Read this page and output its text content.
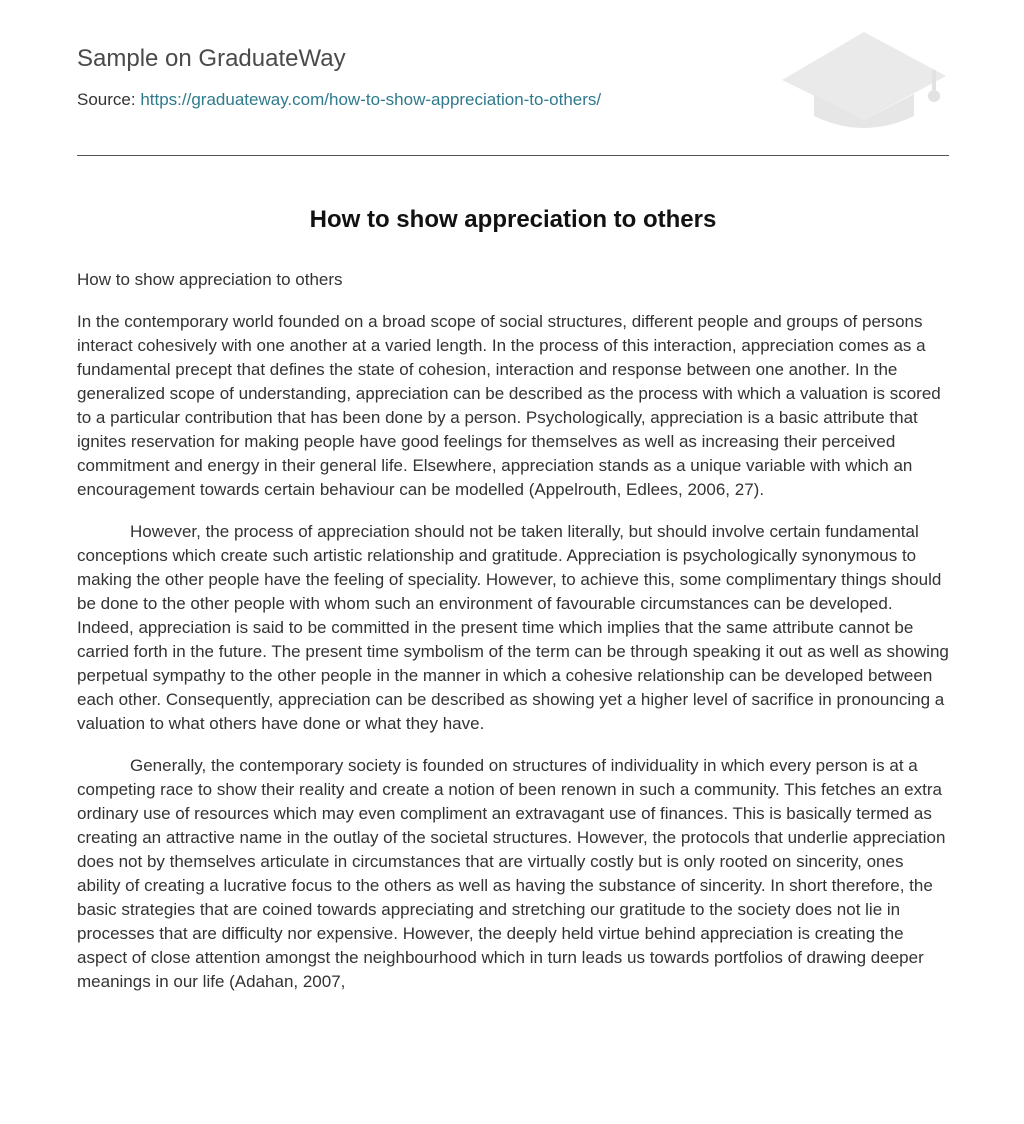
Sample on GraduateWay
Source: https://graduateway.com/how-to-show-appreciation-to-others/
How to show appreciation to others

How to show appreciation to others

In the contemporary world founded on a broad scope of social structures, different people and groups of persons interact cohesively with one another at a varied length. In the process of this interaction, appreciation comes as a fundamental precept that defines the state of cohesion, interaction and response between one another. In the generalized scope of understanding, appreciation can be described as the process with which a valuation is scored to a particular contribution that has been done by a person. Psychologically, appreciation is a basic attribute that ignites reservation for making people have good feelings for themselves as well as increasing their perceived commitment and energy in their general life. Elsewhere, appreciation stands as a unique variable with which an encouragement towards certain behaviour can be modelled (Appelrouth, Edlees, 2006, 27).

However, the process of appreciation should not be taken literally, but should involve certain fundamental conceptions which create such artistic relationship and gratitude. Appreciation is psychologically synonymous to making the other people have the feeling of speciality. However, to achieve this, some complimentary things should be done to the other people with whom such an environment of favourable circumstances can be developed. Indeed, appreciation is said to be committed in the present time which implies that the same attribute cannot be carried forth in the future. The present time symbolism of the term can be through speaking it out as well as showing perpetual sympathy to the other people in the manner in which a cohesive relationship can be developed between each other. Consequently, appreciation can be described as showing yet a higher level of sacrifice in pronouncing a valuation to what others have done or what they have.

Generally, the contemporary society is founded on structures of individuality in which every person is at a competing race to show their reality and create a notion of been renown in such a community. This fetches an extra ordinary use of resources which may even compliment an extravagant use of finances. This is basically termed as creating an attractive name in the outlay of the societal structures. However, the protocols that underlie appreciation does not by themselves articulate in circumstances that are virtually costly but is only rooted on sincerity, ones ability of creating a lucrative focus to the others as well as having the substance of sincerity. In short therefore, the basic strategies that are coined towards appreciating and stretching our gratitude to the society does not lie in processes that are difficulty nor expensive. However, the deeply held virtue behind appreciation is creating the aspect of close attention amongst the neighbourhood which in turn leads us towards portfolios of drawing deeper meanings in our life (Adahan, 2007,
